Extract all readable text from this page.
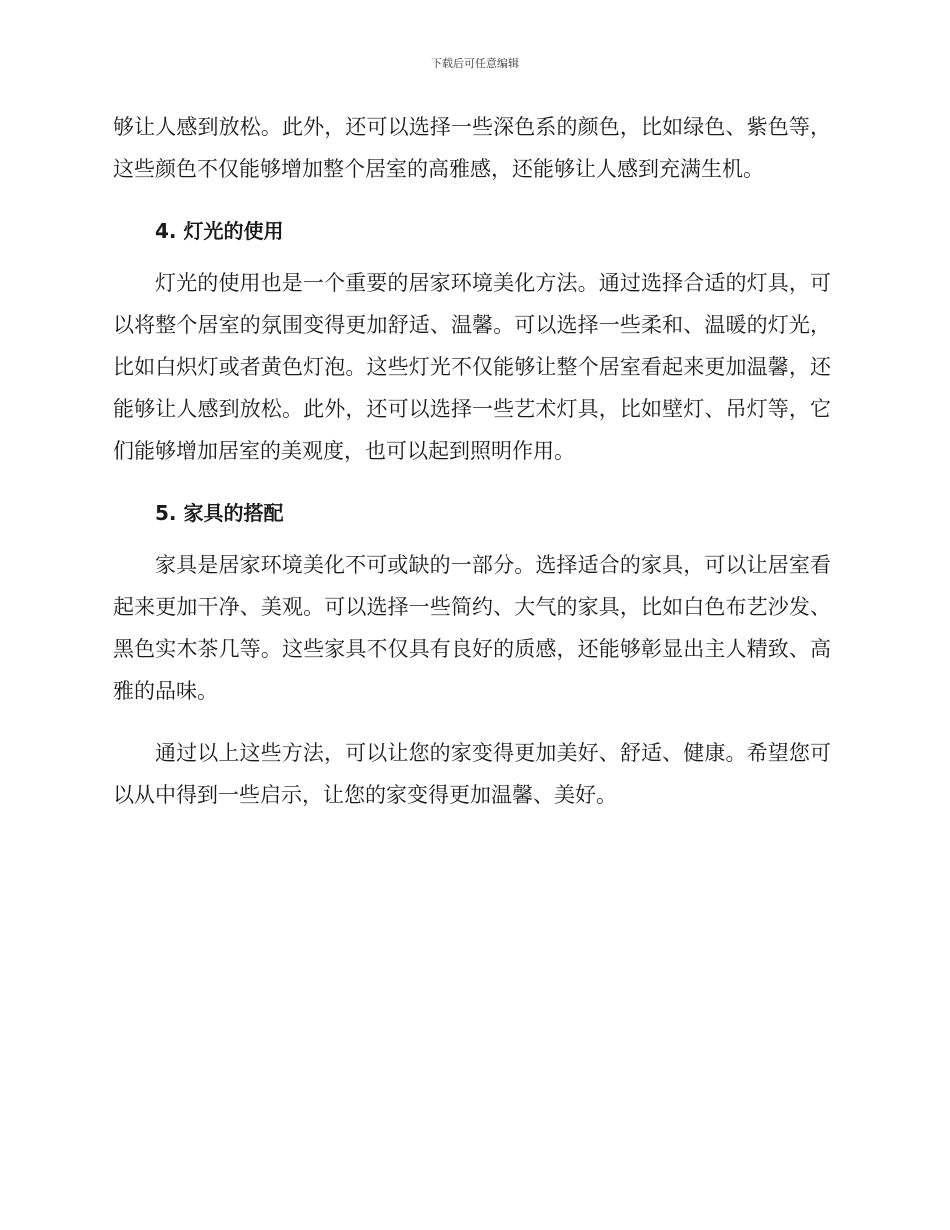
下载后可任意编辑

够让人感到放松。此外，还可以选择一些深色系的颜色，比如绿色、紫色等，这些颜色不仅能够增加整个居室的高雅感，还能够让人感到充满生机。

4. 灯光的使用

灯光的使用也是一个重要的居家环境美化方法。通过选择合适的灯具，可以将整个居室的氛围变得更加舒适、温馨。可以选择一些柔和、温暖的灯光，比如白炽灯或者黄色灯泡。这些灯光不仅能够让整个居室看起来更加温馨，还能够让人感到放松。此外，还可以选择一些艺术灯具，比如壁灯、吊灯等，它们能够增加居室的美观度，也可以起到照明作用。

5. 家具的搭配

家具是居家环境美化不可或缺的一部分。选择适合的家具，可以让居室看起来更加干净、美观。可以选择一些简约、大气的家具，比如白色布艺沙发、黑色实木茶几等。这些家具不仅具有良好的质感，还能够彰显出主人精致、高雅的品味。

通过以上这些方法，可以让您的家变得更加美好、舒适、健康。希望您可以从中得到一些启示，让您的家变得更加温馨、美好。
